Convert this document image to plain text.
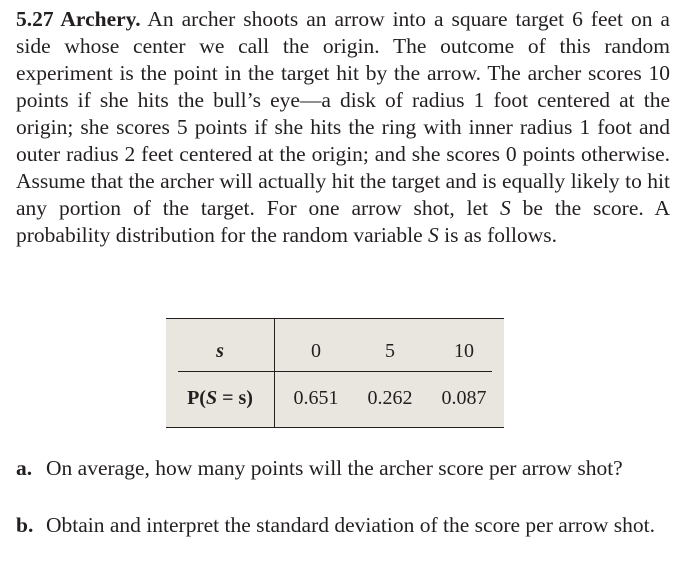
5.27 Archery. An archer shoots an arrow into a square target 6 feet on a side whose center we call the origin. The outcome of this random experiment is the point in the target hit by the arrow. The archer scores 10 points if she hits the bull’s eye—a disk of radius 1 foot centered at the origin; she scores 5 points if she hits the ring with inner radius 1 foot and outer radius 2 feet centered at the origin; and she scores 0 points otherwise. Assume that the archer will actually hit the target and is equally likely to hit any portion of the target. For one arrow shot, let S be the score. A probability distribution for the random variable S is as follows.
s	0	5	10
P(S = s)	0.651	0.262	0.087
a. On average, how many points will the archer score per arrow shot?
b. Obtain and interpret the standard deviation of the score per arrow shot.
